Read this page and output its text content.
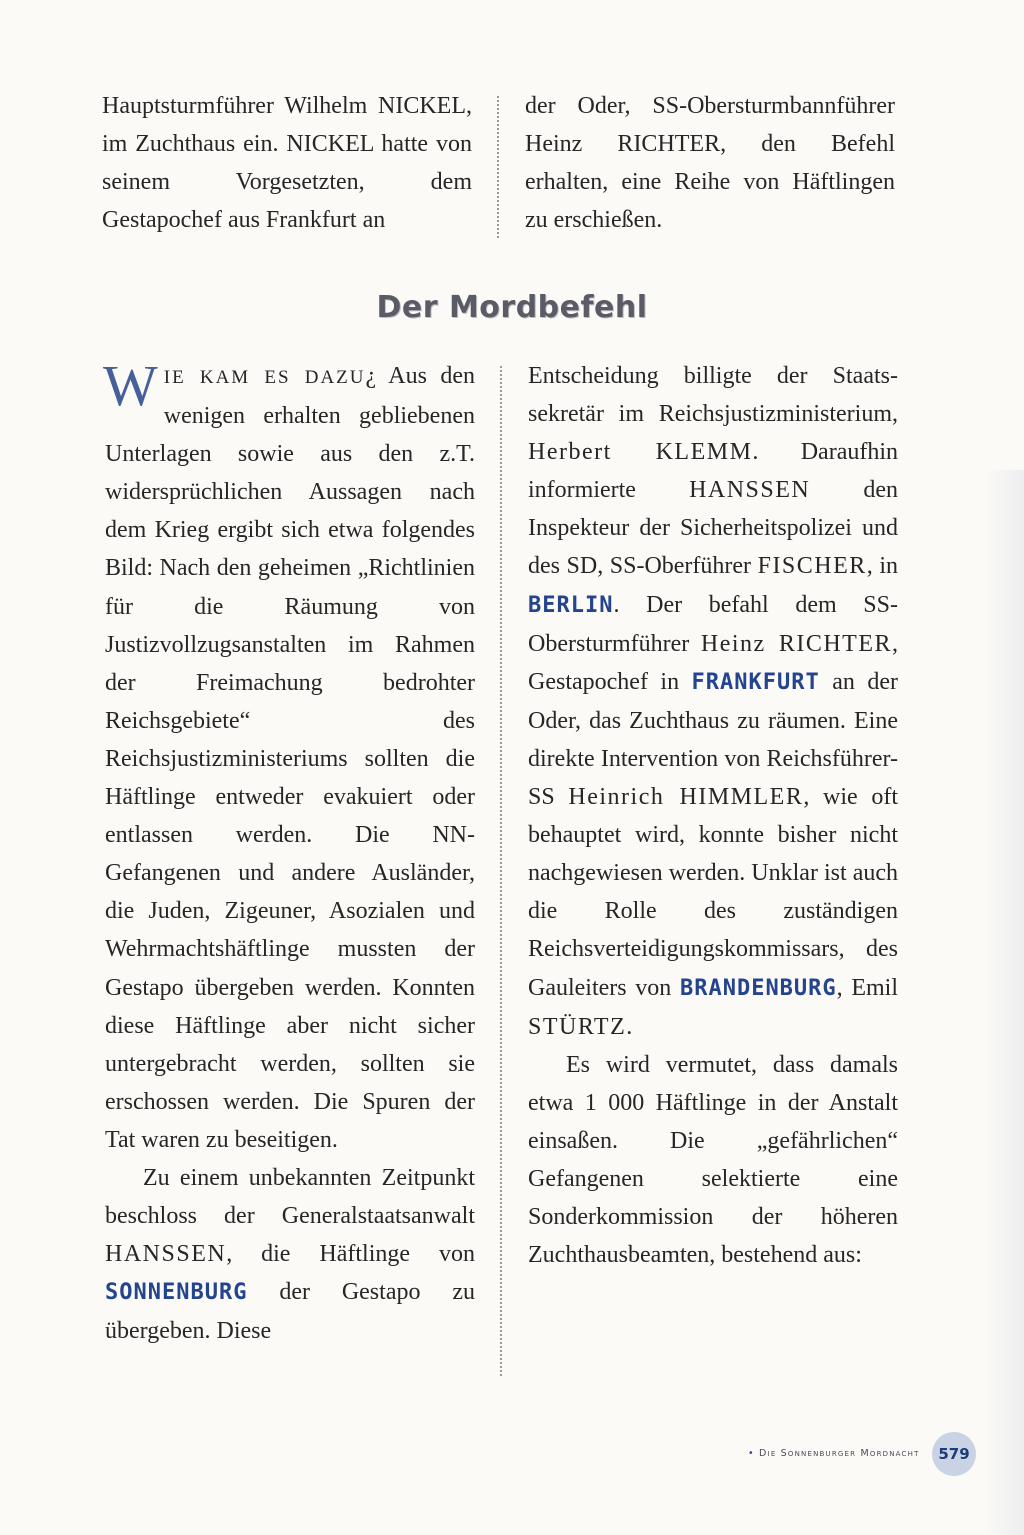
Hauptsturmführer Wilhelm NICKEL, im Zuchthaus ein. NICKEL hatte von seinem Vorgesetzten, dem Gestapochef aus Frankfurt an

der Oder, SS-Obersturmbannführer Heinz RICHTER, den Befehl erhalten, eine Reihe von Häftlingen zu erschießen.

Der Mordbefehl

WIE KAM ES DAZU¿ Aus den wenigen erhalten gebliebenen Unterlagen sowie aus den z.T. widersprüchlichen Aussagen nach dem Krieg ergibt sich etwa folgendes Bild: Nach den geheimen „Richtlinien für die Räumung von Justizvollzugsanstalten im Rahmen der Freimachung bedrohter Reichsgebiete“ des Reichsjustizministeriums sollten die Häftlinge entweder evakuiert oder entlassen werden. Die NN-Gefangenen und andere Ausländer, die Juden, Zigeuner, Asozialen und Wehrmachtshäftlinge mussten der Gestapo übergeben werden. Konnten diese Häftlinge aber nicht sicher untergebracht werden, sollten sie erschossen werden. Die Spuren der Tat waren zu beseitigen.

Zu einem unbekannten Zeitpunkt beschloss der Generalstaatsanwalt HANSSEN, die Häftlinge von SONNENBURG der Gestapo zu übergeben. Diese

Entscheidung billigte der Staatssekretär im Reichsjustizministerium, Herbert KLEMM. Daraufhin informierte HANSSEN den Inspekteur der Sicherheitspolizei und des SD, SS-Oberführer FISCHER, in BERLIN. Der befahl dem SS-Obersturmführer Heinz RICHTER, Gestapochef in FRANKFURT an der Oder, das Zuchthaus zu räumen. Eine direkte Intervention von Reichsführer-SS Heinrich HIMMLER, wie oft behauptet wird, konnte bisher nicht nachgewiesen werden. Unklar ist auch die Rolle des zuständigen Reichsverteidigungskommissars, des Gauleiters von BRANDENBURG, Emil STÜRTZ.

Es wird vermutet, dass damals etwa 1 000 Häftlinge in der Anstalt einsaßen. Die „gefährlichen“ Gefangenen selektierte eine Sonderkommission der höheren Zuchthausbeamten, bestehend aus:

• Die Sonnenburger Mordnacht	579
